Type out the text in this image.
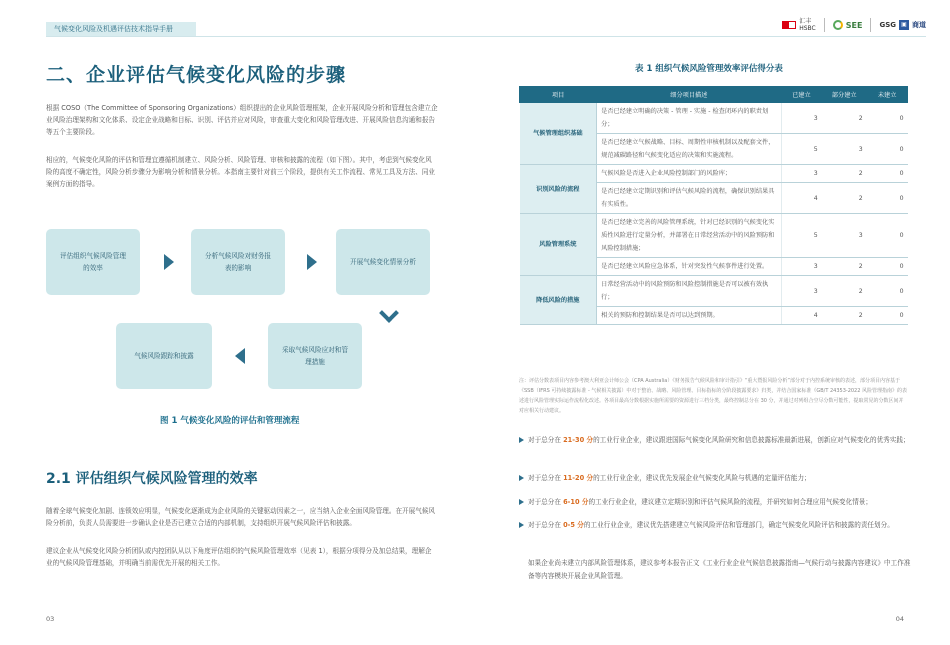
气候变化风险及机遇评估技术指导手册
汇丰
HSBC	SEE GSG ▣ 商道
二、企业评估气候变化风险的步骤
根据 COSO（The Committee of Sponsoring Organizations）组织提出的企业风险管理框架，企业开展风险分析和管理包含建立企业风险治理架构和文化体系、设定企业战略和目标、识别、评估并应对风险，审查重大变化和风险管理改进、开展风险信息沟通和报告等五个主要阶段。
相应的，气候变化风险的评估和管理宜遵循机制建立、风险分析、风险管理、审核和披露的流程（如下图）。其中，考虑到气候变化风险的高度不确定性，风险分析步骤分为影响分析和情景分析。本指南主要针对前三个阶段，提供有关工作流程、常见工具及方法、同业案例方面的指导。
评估组织气候风险管理的效率
分析气候风险对财务报表的影响
开展气候变化情景分析
采取气候风险应对和管理措施
气候风险跟踪和披露
图 1 气候变化风险的评估和管理流程
2.1 评估组织气候风险管理的效率
随着全球气候变化加剧、连锁效应明显，气候变化逐渐成为企业风险的关键驱动因素之一，应当纳入企业全面风险管理。在开展气候风险分析前，负责人员需要进一步确认企业是否已建立合适的内部机制，支持组织开展气候风险评估和披露。
建议企业从气候变化风险分析团队或内控团队从以下角度评估组织的气候风险管理效率（见表 1），根据分项得分及加总结果，理解企业的气候风险管理基础，并明确当前需优先开展的相关工作。
03
表 1 组织气候风险管理效率评估得分表
项目	细分项目描述	已建立	部分建立	未建立
气候管理组织基础	是否已经建立明确的决策 - 管理 - 实施 - 检查闭环内的职责划分；	3	2	0
	是否已经建立气候战略、目标、周期性审核机制以及配套文件，规范减碳路径和气候变化适应的决策和实施流程。	5	3	0
识别风险的流程	气候风险是否进入企业风险控制部门的风险库；	3	2	0
	是否已经建立定期识别和评估气候风险的流程，确保识别结果具有实质性。	4	2	0
风险管理系统	是否已经建立完善的风险管理系统，针对已经识别的气候变化实质性风险进行定量分析，并部署在日常经营活动中的风险预防和风险控制措施；	5	3	0
	是否已经建立风险应急体系，针对突发性气候事件进行处置。	3	2	0
降低风险的措施	日常经营活动中的风险预防和风险控制措施是否可以被有效执行；	3	2	0
	相关的预防和控制结果是否可以达到预期。	4	2	0
注：评估分数表项目内容参考澳大利亚会计师公会（CPA Australia）《财务报告气候风险和审计指引》“重大暨报风险分析”部分对于内控系统审核的表述，部分项目内容基于《SSB（IFRS 可持续披露标准 - 气候相关披露）中对于整治、战略、风险管理、目标指标的分阶段披露要求》归类，并结合国家标准《GB/T 24353-2022 风险管理指南》的表述进行风险管理实际运作流程化改述。各项目最高分数根据实施所需要的资源进行三档分类，最终控制总分在 30 分，并通过对列组合空尽分数可能性，提取常见的分数区间并对应相关行动建议。
对于总分在 21-30 分的工业行业企业，建议跟进国际气候变化风险研究和信息披露标准最新进展，创新应对气候变化的优秀实践；
对于总分在 11-20 分的工业行业企业，建议优先发展企业气候变化风险与机遇的定量评估能力；
对于总分在 6-10 分的工业行业企业，建议建立定期识别和评估气候风险的流程，并研究如何合理应用气候变化情景；
对于总分在 0-5 分的工业行业企业，建议优先搭建建立气候风险评估和管理部门，确定气候变化风险评估和披露的责任划分。
如果企业尚未建立内部风险管理体系，建议参考本报告正文《工业行业企业气候信息披露指南—气候行动与披露内容建议》中工作准备等内容模块开展企业风险管理。
04
